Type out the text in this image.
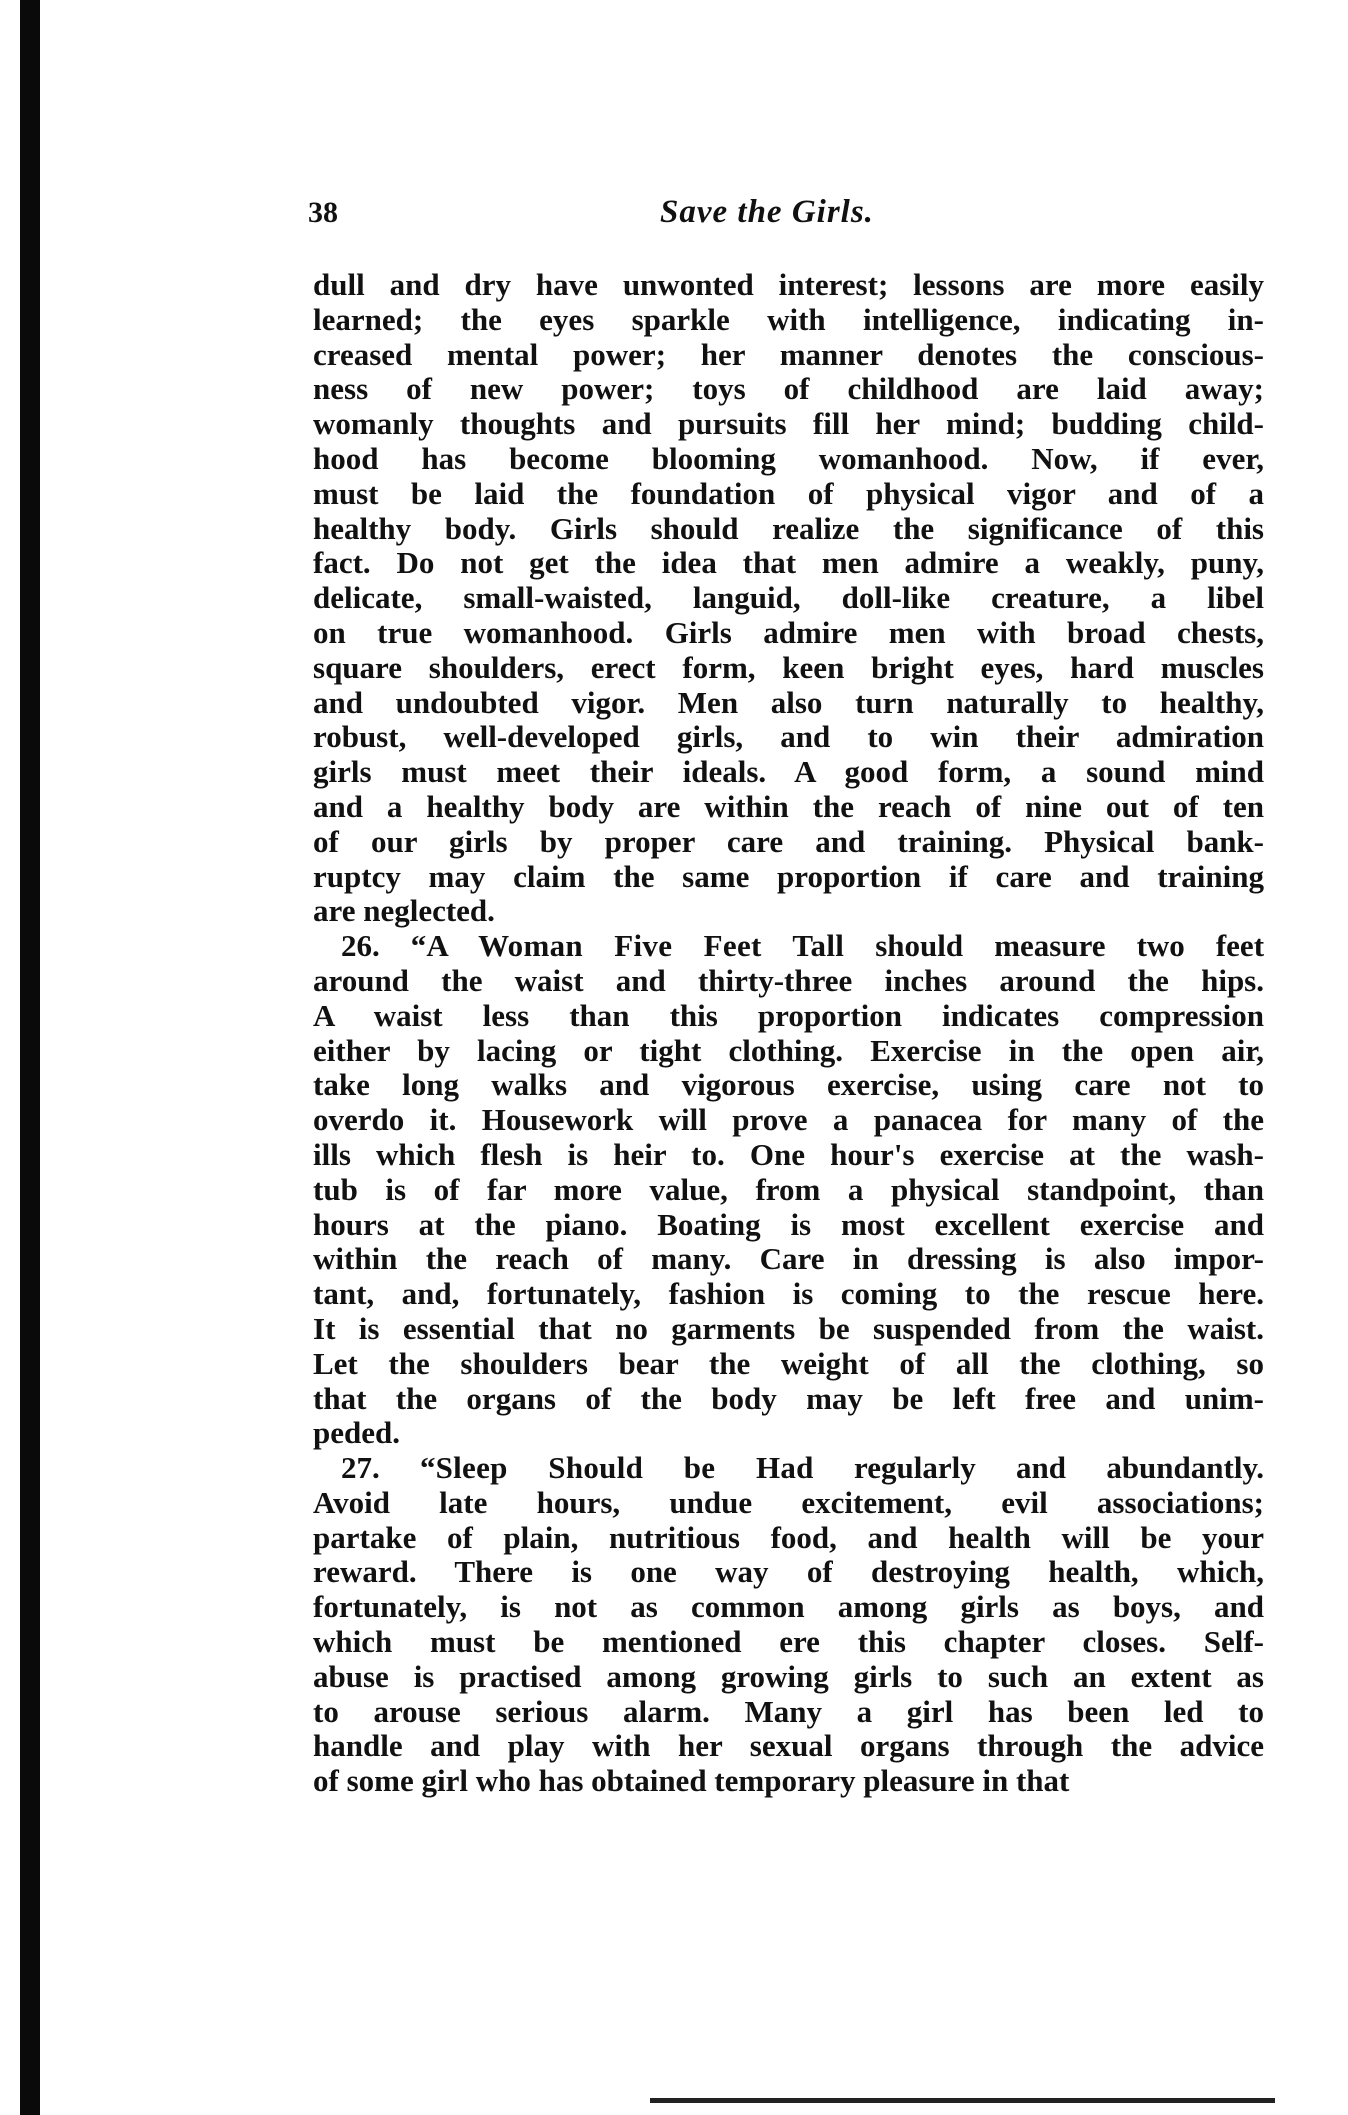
38	Save the Girls.
dull and dry have unwonted interest; lessons are more easily
learned; the eyes sparkle with intelligence, indicating in-
creased mental power; her manner denotes the conscious-
ness of new power; toys of childhood are laid away;
womanly thoughts and pursuits fill her mind; budding child-
hood has become blooming womanhood. Now, if ever,
must be laid the foundation of physical vigor and of a
healthy body. Girls should realize the significance of this
fact. Do not get the idea that men admire a weakly, puny,
delicate, small-waisted, languid, doll-like creature, a libel
on true womanhood. Girls admire men with broad chests,
square shoulders, erect form, keen bright eyes, hard muscles
and undoubted vigor. Men also turn naturally to healthy,
robust, well-developed girls, and to win their admiration
girls must meet their ideals. A good form, a sound mind
and a healthy body are within the reach of nine out of ten
of our girls by proper care and training. Physical bank-
ruptcy may claim the same proportion if care and training
are neglected.
26. “A Woman Five Feet Tall should measure two feet
around the waist and thirty-three inches around the hips.
A waist less than this proportion indicates compression
either by lacing or tight clothing. Exercise in the open air,
take long walks and vigorous exercise, using care not to
overdo it. Housework will prove a panacea for many of the
ills which flesh is heir to. One hour's exercise at the wash-
tub is of far more value, from a physical standpoint, than
hours at the piano. Boating is most excellent exercise and
within the reach of many. Care in dressing is also impor-
tant, and, fortunately, fashion is coming to the rescue here.
It is essential that no garments be suspended from the waist.
Let the shoulders bear the weight of all the clothing, so
that the organs of the body may be left free and unim-
peded.
27. “Sleep Should be Had regularly and abundantly.
Avoid late hours, undue excitement, evil associations;
partake of plain, nutritious food, and health will be your
reward. There is one way of destroying health, which,
fortunately, is not as common among girls as boys, and
which must be mentioned ere this chapter closes. Self-
abuse is practised among growing girls to such an extent as
to arouse serious alarm. Many a girl has been led to
handle and play with her sexual organs through the advice
of some girl who has obtained temporary pleasure in that
